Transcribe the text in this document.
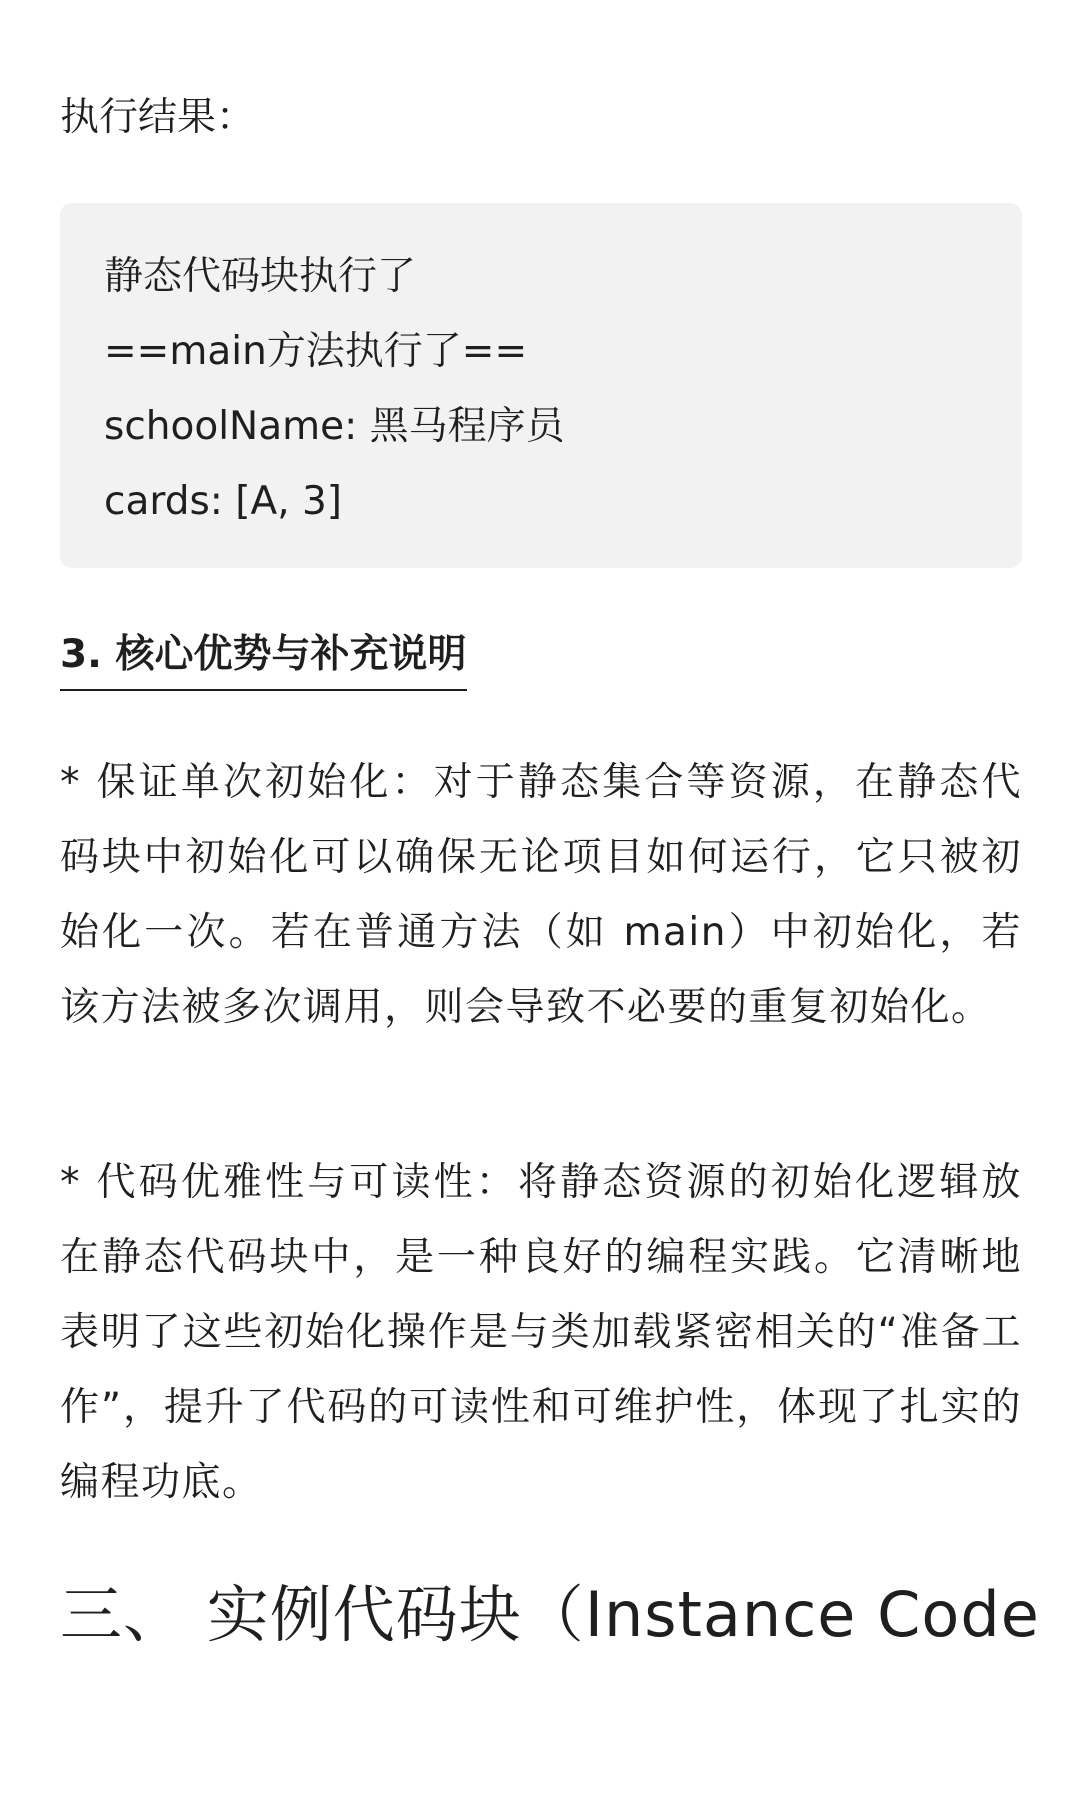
执行结果：

静态代码块执行了

==main方法执行了==

schoolName: 黑马程序员

cards: [A, 3]

3. 核心优势与补充说明

* 保证单次初始化：对于静态集合等资源，在静态代码块中初始化可以确保无论项目如何运行，它只被初始化一次。若在普通方法（如 main）中初始化，若该方法被多次调用，则会导致不必要的重复初始化。

* 代码优雅性与可读性：将静态资源的初始化逻辑放在静态代码块中，是一种良好的编程实践。它清晰地表明了这些初始化操作是与类加载紧密相关的“准备工作”，提升了代码的可读性和可维护性，体现了扎实的编程功底。

三、 实例代码块（Instance Code
